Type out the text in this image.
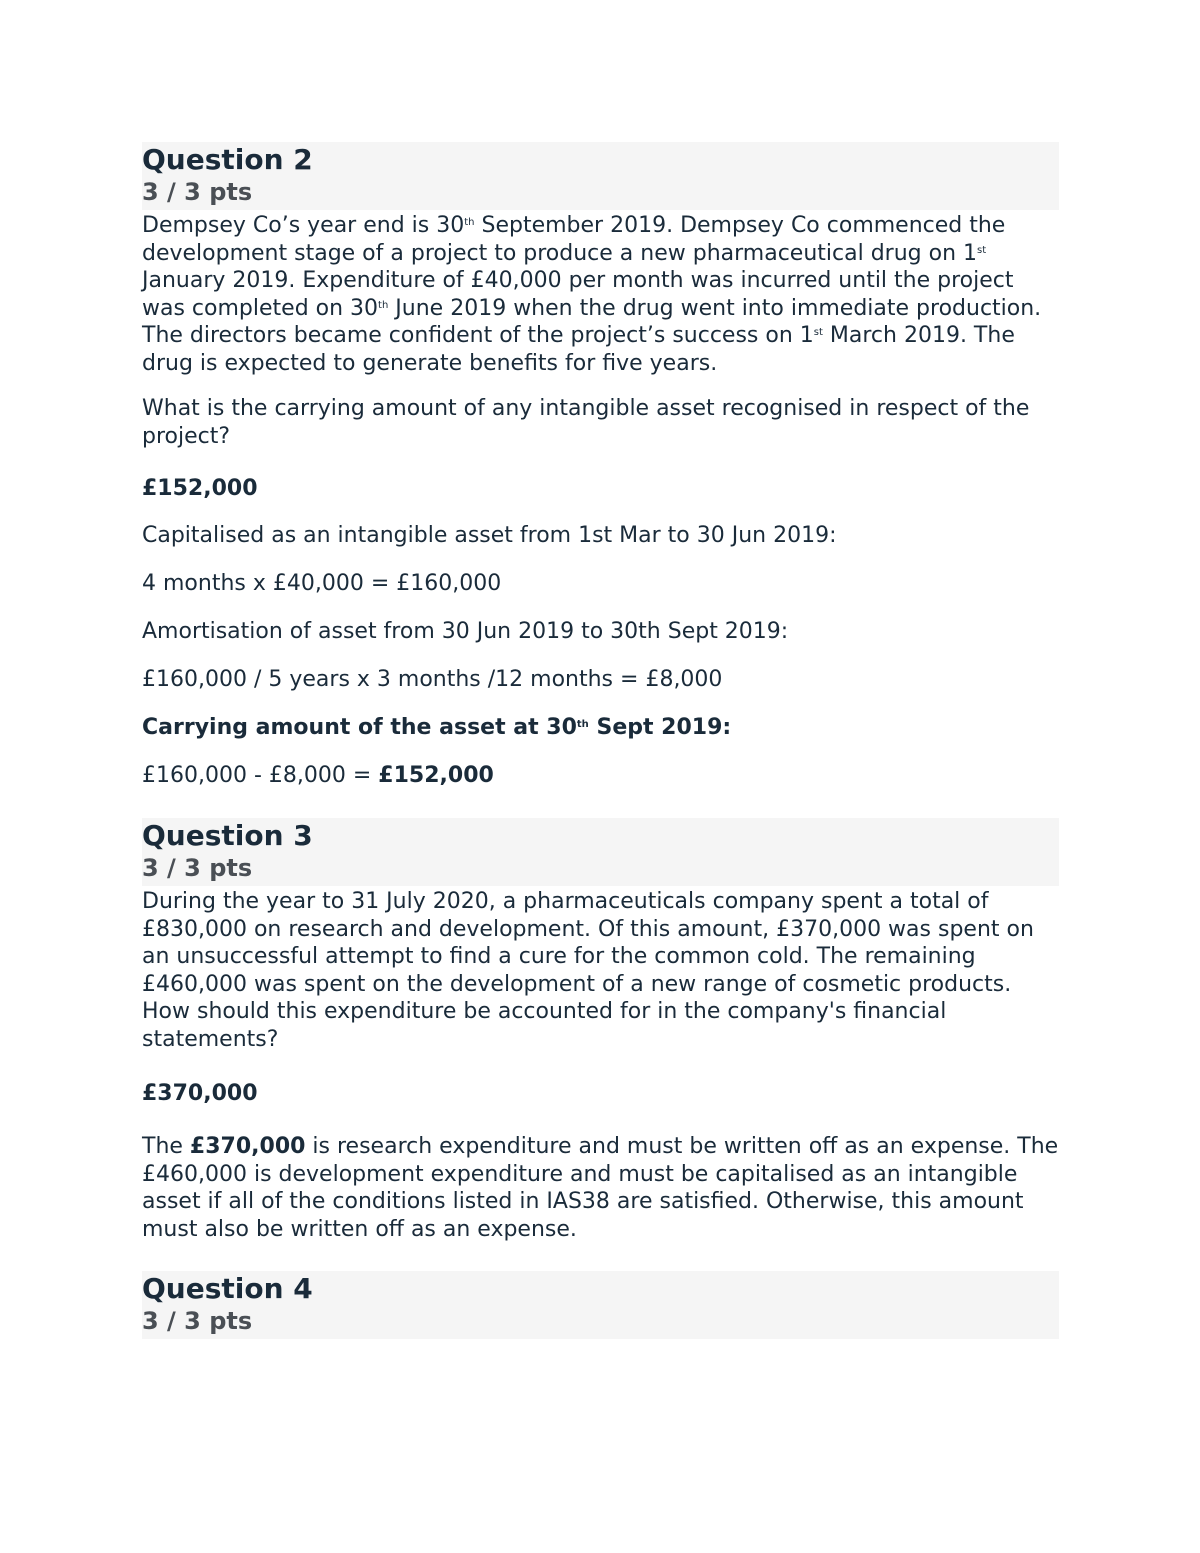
Question 2
3 / 3 pts
Dempsey Co’s year end is 30th September 2019. Dempsey Co commenced the development stage of a project to produce a new pharmaceutical drug on 1st January 2019. Expenditure of £40,000 per month was incurred until the project was completed on 30th June 2019 when the drug went into immediate production. The directors became confident of the project’s success on 1st March 2019. The drug is expected to generate benefits for five years.
What is the carrying amount of any intangible asset recognised in respect of the project?
£152,000
Capitalised as an intangible asset from 1st Mar to 30 Jun 2019:
4 months x £40,000 = £160,000
Amortisation of asset from 30 Jun 2019 to 30th Sept 2019:
£160,000 / 5 years x 3 months /12 months = £8,000
Carrying amount of the asset at 30th Sept 2019:
£160,000 - £8,000 = £152,000
Question 3
3 / 3 pts
During the year to 31 July 2020, a pharmaceuticals company spent a total of £830,000 on research and development. Of this amount, £370,000 was spent on an unsuccessful attempt to find a cure for the common cold. The remaining £460,000 was spent on the development of a new range of cosmetic products. How should this expenditure be accounted for in the company's financial statements?
£370,000
The £370,000 is research expenditure and must be written off as an expense. The £460,000 is development expenditure and must be capitalised as an intangible asset if all of the conditions listed in IAS38 are satisfied. Otherwise, this amount must also be written off as an expense.
Question 4
3 / 3 pts
